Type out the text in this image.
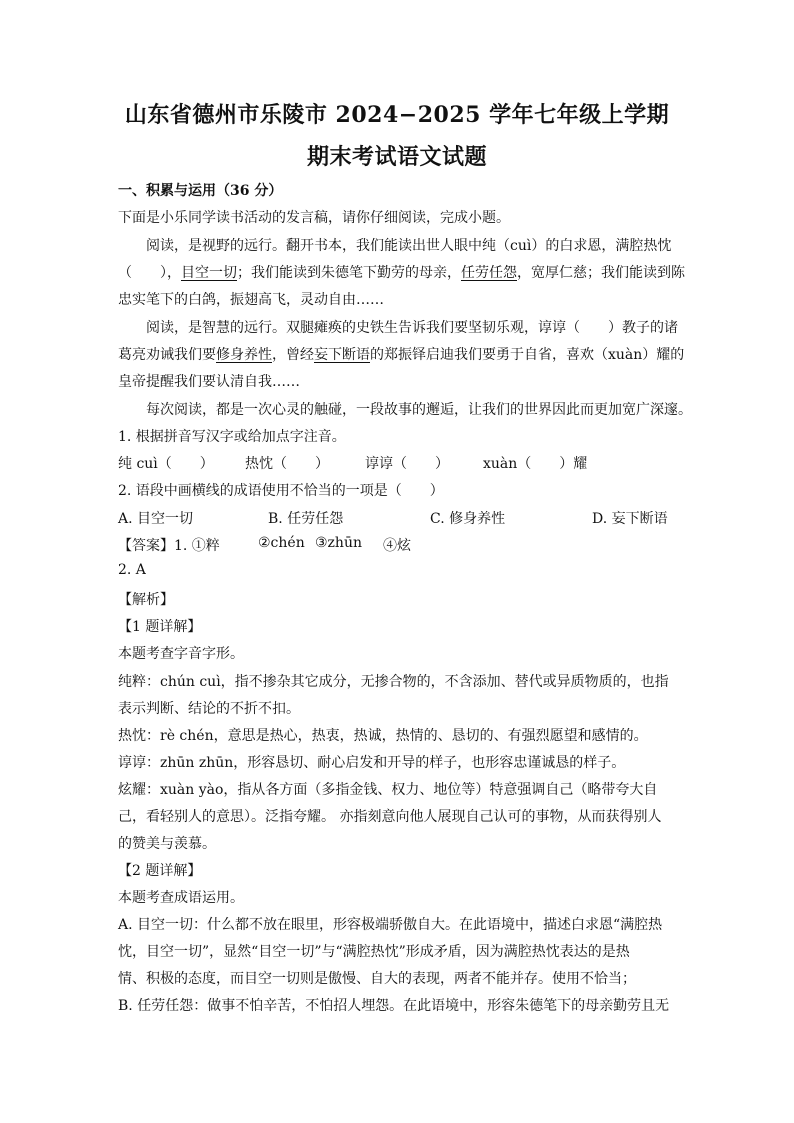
山东省德州市乐陵市 2024−2025 学年七年级上学期
期末考试语文试题
一、积累与运用（36 分）
下面是小乐同学读书活动的发言稿，请你仔细阅读，完成小题。
阅读，是视野的远行。翻开书本，我们能读出世人眼中纯（cuì）的白求恩，满腔热忱
（　　），目空一切；我们能读到朱德笔下勤劳的母亲，任劳任怨，宽厚仁慈；我们能读到陈
忠实笔下的白鸽，振翅高飞，灵动自由……
阅读，是智慧的远行。双腿瘫痪的史铁生告诉我们要坚韧乐观，谆谆（　　）教子的诸
葛亮劝诫我们要修身养性，曾经妄下断语的郑振铎启迪我们要勇于自省，喜欢（xuàn）耀的
皇帝提醒我们要认清自我……
每次阅读，都是一次心灵的触碰，一段故事的邂逅，让我们的世界因此而更加宽广深邃。
1. 根据拼音写汉字或给加点字注音。
纯 cuì（　　） 热忱（　　）	谆谆（　　） xuàn（　　）耀
2. 语段中画横线的成语使用不恰当的一项是（　　）
A. 目空一切	B. 任劳任怨	C. 修身养性	D. 妄下断语
【答案】 1. ①粹	②chén ③zhūn ④炫
2. A
【解析】
【1 题详解】
本题考查字音字形。
纯粹：chún cuì，指不掺杂其它成分，无掺合物的，不含添加、替代或异质物质的，也指
表示判断、结论的不折不扣。
热忱：rè chén，意思是热心，热衷，热诚，热情的、恳切的、有强烈愿望和感情的。
谆谆：zhūn zhūn，形容恳切、耐心启发和开导的样子，也形容忠谨诚恳的样子。
炫耀：xuàn yào，指从各方面（多指金钱、权力、地位等）特意强调自己（略带夸大自
己，看轻别人的意思）。泛指夸耀。 亦指刻意向他人展现自己认可的事物，从而获得别人
的赞美与羡慕。
【2 题详解】
本题考查成语运用。
A. 目空一切：什么都不放在眼里，形容极端骄傲自大。在此语境中，描述白求恩“满腔热
忱，目空一切”，显然“目空一切”与“满腔热忱”形成矛盾，因为满腔热忱表达的是热
情、积极的态度，而目空一切则是傲慢、自大的表现，两者不能并存。使用不恰当；
B. 任劳任怨：做事不怕辛苦，不怕招人埋怨。在此语境中，形容朱德笔下的母亲勤劳且无
